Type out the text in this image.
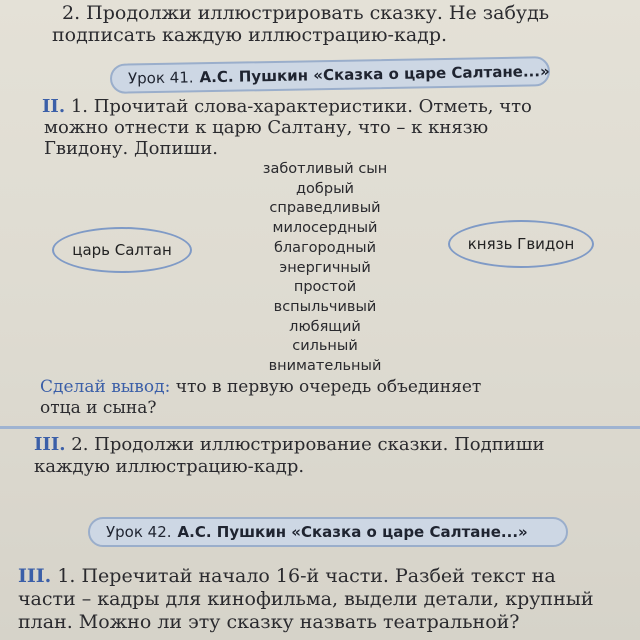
2. Продолжи иллюстрировать сказку. Не забудь

подписать каждую иллюстрацию-кадр.
Урок 41. А.С. Пушкин «Сказка о царе Салтане...»
II. 1. Прочитай слова-характеристики. Отметь, что
можно отнести к царю Салтану, что – к князю
Гвидону. Допиши.
заботливый сын
добрый
справедливый
милосердный
благородный
энергичный
простой
вспыльчивый
любящий
сильный
внимательный
царь Салтан	князь Гвидон
Сделай вывод: что в первую очередь объединяет
отца и сына?
III. 2. Продолжи иллюстрирование сказки. Подпиши
каждую иллюстрацию-кадр.
Урок 42. А.С. Пушкин «Сказка о царе Салтане...»
III. 1. Перечитай начало 16-й части. Разбей текст на
части – кадры для кинофильма, выдели детали, крупный
план. Можно ли эту сказку назвать театральной?
